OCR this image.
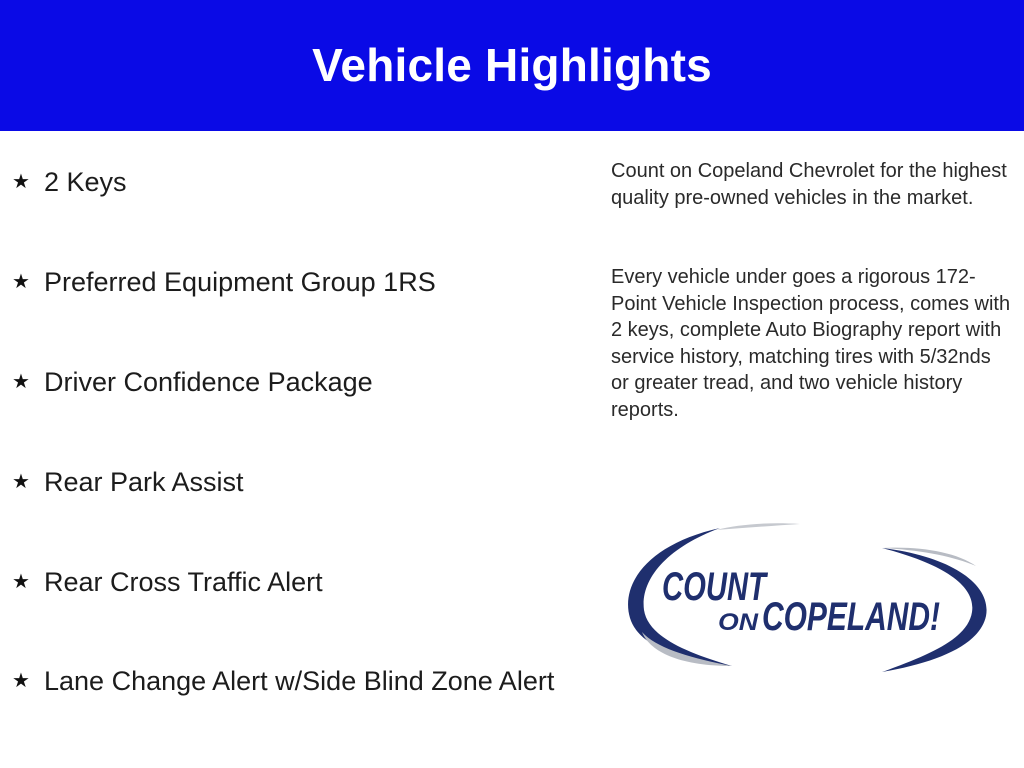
Vehicle Highlights
★ 2 Keys
★ Preferred Equipment Group 1RS
★ Driver Confidence Package
★ Rear Park Assist
★ Rear Cross Traffic Alert
★ Lane Change Alert w/Side Blind Zone Alert

Count on Copeland Chevrolet for the highest quality pre-owned vehicles in the market.

Every vehicle under goes a rigorous 172-Point Vehicle Inspection process, comes with 2 keys, complete Auto Biography report with service history, matching tires with 5/32nds or greater tread, and two vehicle history reports.

COUNT
ON COPELAND!
